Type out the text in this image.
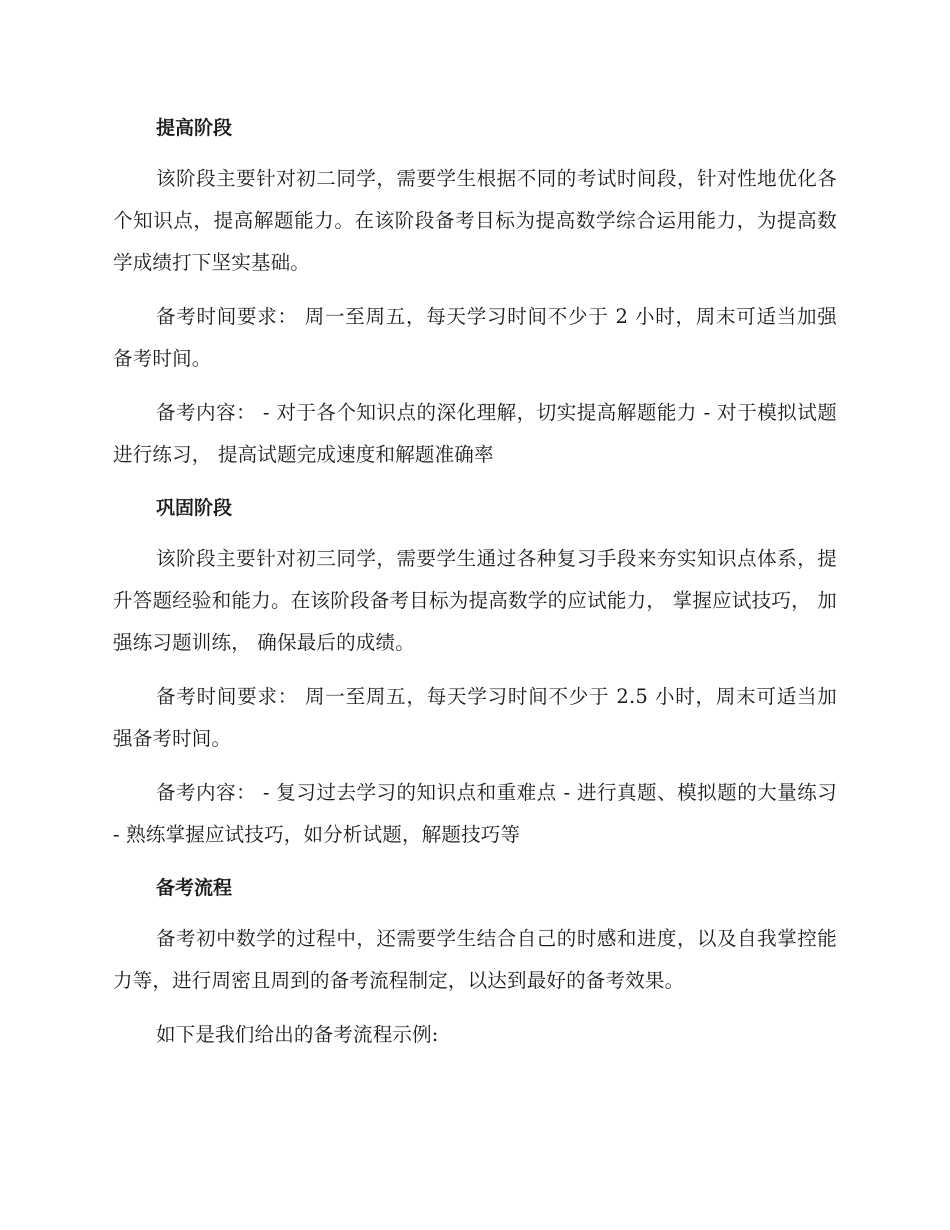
提高阶段

该阶段主要针对初二同学，需要学生根据不同的考试时间段，针对性地优化各个知识点，提高解题能力。在该阶段备考目标为提高数学综合运用能力，为提高数学成绩打下坚实基础。

备考时间要求： 周一至周五，每天学习时间不少于 2 小时，周末可适当加强备考时间。

备考内容： - 对于各个知识点的深化理解，切实提高解题能力 - 对于模拟试题进行练习， 提高试题完成速度和解题准确率

巩固阶段

该阶段主要针对初三同学，需要学生通过各种复习手段来夯实知识点体系，提升答题经验和能力。在该阶段备考目标为提高数学的应试能力， 掌握应试技巧， 加强练习题训练， 确保最后的成绩。

备考时间要求： 周一至周五，每天学习时间不少于 2.5 小时，周末可适当加强备考时间。

备考内容： - 复习过去学习的知识点和重难点 - 进行真题、模拟题的大量练习 - 熟练掌握应试技巧，如分析试题，解题技巧等

备考流程

备考初中数学的过程中，还需要学生结合自己的时感和进度，以及自我掌控能力等，进行周密且周到的备考流程制定，以达到最好的备考效果。

如下是我们给出的备考流程示例:
